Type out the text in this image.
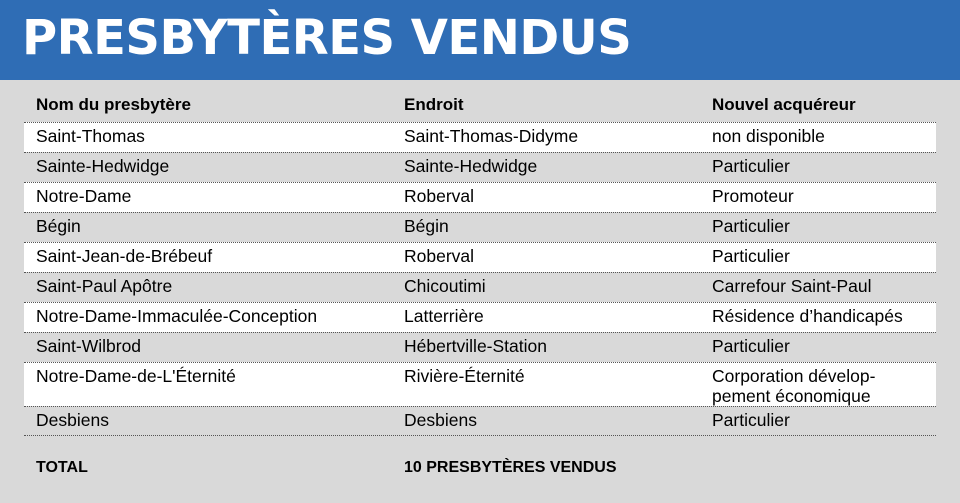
PRESBYTÈRES VENDUS
Nom du presbytère	Endroit	Nouvel acquéreur
Saint-Thomas	Saint-Thomas-Didyme	non disponible
Sainte-Hedwidge	Sainte-Hedwidge	Particulier
Notre-Dame	Roberval	Promoteur
Bégin	Bégin	Particulier
Saint-Jean-de-Brébeuf	Roberval	Particulier
Saint-Paul Apôtre	Chicoutimi	Carrefour Saint-Paul
Notre-Dame-Immaculée-Conception	Latterrière	Résidence d’handicapés
Saint-Wilbrod	Hébertville-Station	Particulier
Notre-Dame-de-L'Éternité	Rivière-Éternité	Corporation dévelop-pement économique
Desbiens	Desbiens	Particulier
TOTAL	10 PRESBYTÈRES VENDUS
